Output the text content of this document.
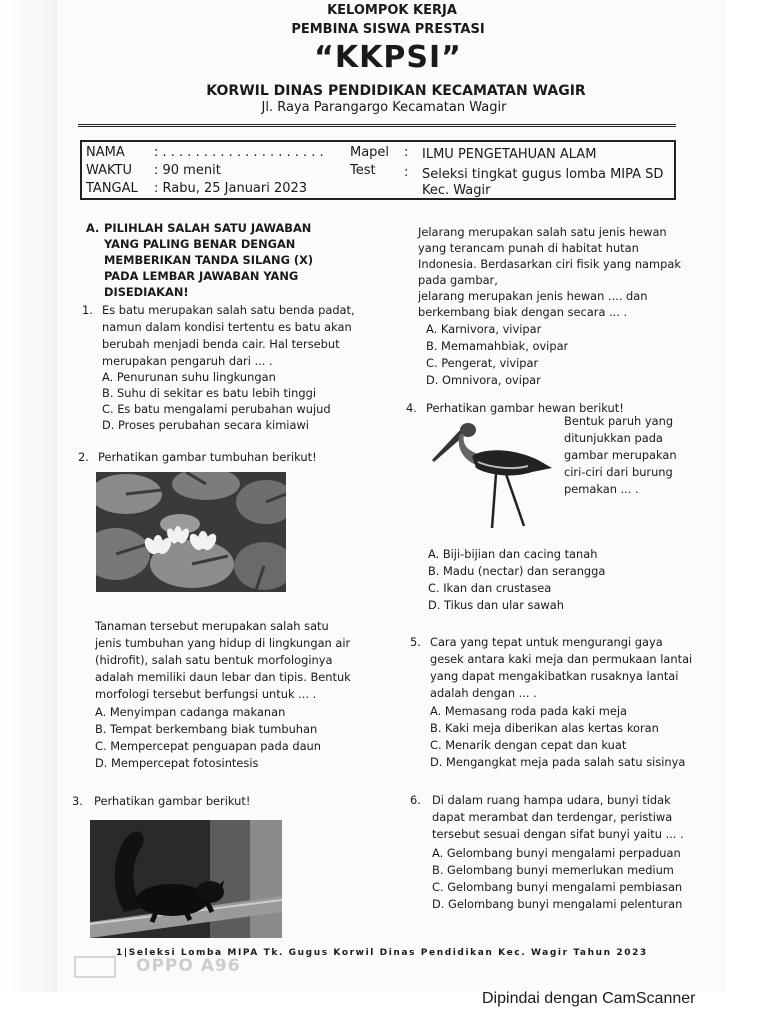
KELOMPOK KERJA
PEMBINA SISWA PRESTASI
“KKPSI”
KORWIL DINAS PENDIDIKAN KECAMATAN WAGIR
Jl. Raya Parangargo Kecamatan Wagir
NAMA : . . . . . . . . . . . . . . . . . . . .
WAKTU : 90 menit
TANGAL : Rabu, 25 Januari 2023
Mapel : ILMU PENGETAHUAN ALAM
Test : Seleksi tingkat gugus lomba MIPA SD
Kec. Wagir
A. PILIHLAH SALAH SATU JAWABAN
YANG PALING BENAR DENGAN
MEMBERIKAN TANDA SILANG (X)
PADA LEMBAR JAWABAN YANG
DISEDIAKAN!
1. Es batu merupakan salah satu benda padat,
namun dalam kondisi tertentu es batu akan
berubah menjadi benda cair. Hal tersebut
merupakan pengaruh dari ... .
A. Penurunan suhu lingkungan
B. Suhu di sekitar es batu lebih tinggi
C. Es batu mengalami perubahan wujud
D. Proses perubahan secara kimiawi
2. Perhatikan gambar tumbuhan berikut!
Tanaman tersebut merupakan salah satu
jenis tumbuhan yang hidup di lingkungan air
(hidrofit), salah satu bentuk morfologinya
adalah memiliki daun lebar dan tipis. Bentuk
morfologi tersebut berfungsi untuk ... .
A. Menyimpan cadanga makanan
B. Tempat berkembang biak tumbuhan
C. Mempercepat penguapan pada daun
D. Mempercepat fotosintesis
3. Perhatikan gambar berikut!
Jelarang merupakan salah satu jenis hewan
yang terancam punah di habitat hutan
Indonesia. Berdasarkan ciri fisik yang nampak
pada gambar,
jelarang merupakan jenis hewan .... dan
berkembang biak dengan secara ... .
A. Karnivora, vivipar
B. Memamahbiak, ovipar
C. Pengerat, vivipar
D. Omnivora, ovipar
4. Perhatikan gambar hewan berikut!
Bentuk paruh yang
ditunjukkan pada
gambar merupakan
ciri-ciri dari burung
pemakan ... .
A. Biji-bijian dan cacing tanah
B. Madu (nectar) dan serangga
C. Ikan dan crustasea
D. Tikus dan ular sawah
5. Cara yang tepat untuk mengurangi gaya
gesek antara kaki meja dan permukaan lantai
yang dapat mengakibatkan rusaknya lantai
adalah dengan ... .
A. Memasang roda pada kaki meja
B. Kaki meja diberikan alas kertas koran
C. Menarik dengan cepat dan kuat
D. Mengangkat meja pada salah satu sisinya
6. Di dalam ruang hampa udara, bunyi tidak
dapat merambat dan terdengar, peristiwa
tersebut sesuai dengan sifat bunyi yaitu ... .
A. Gelombang bunyi mengalami perpaduan
B. Gelombang bunyi memerlukan medium
C. Gelombang bunyi mengalami pembiasan
D. Gelombang bunyi mengalami pelenturan
1|Seleksi Lomba MIPA Tk. Gugus Korwil Dinas Pendidikan Kec. Wagir Tahun 2023
OPPO A96
Dipindai dengan CamScanner
